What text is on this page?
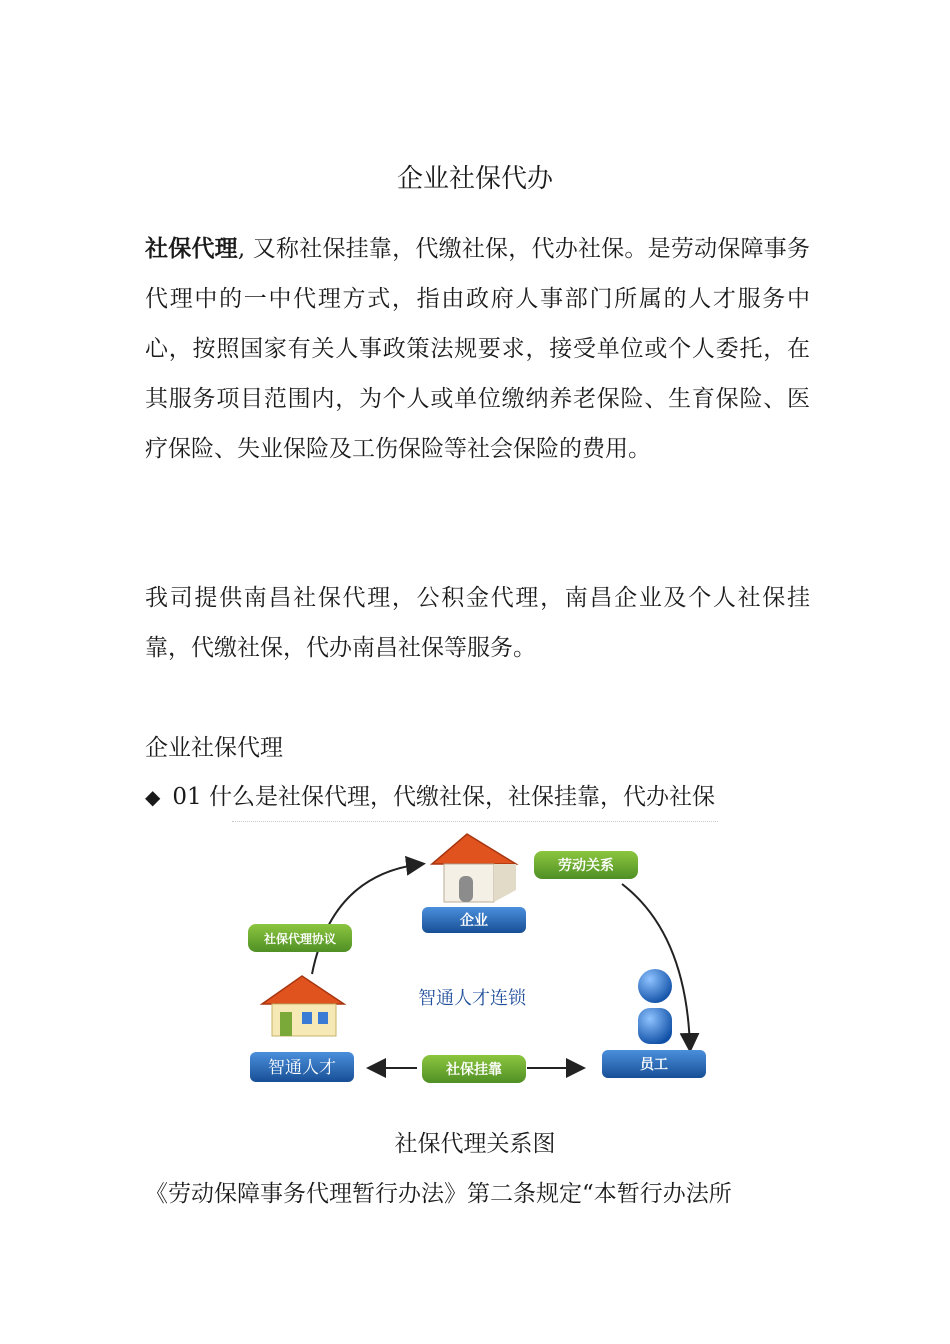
企业社保代办

社保代理, 又称社保挂靠，代缴社保，代办社保。是劳动保障事务代理中的一中代理方式，指由政府人事部门所属的人才服务中心，按照国家有关人事政策法规要求，接受单位或个人委托，在其服务项目范围内，为个人或单位缴纳养老保险、生育保险、医疗保险、失业保险及工伤保险等社会保险的费用。

我司提供南昌社保代理，公积金代理，南昌企业及个人社保挂靠，代缴社保，代办南昌社保等服务。

企业社保代理
◆ 01 什么是社保代理，代缴社保，社保挂靠，代办社保
企业
劳动关系
社保代理协议
智通人才连锁
智通人才	社保挂靠	员工
社保代理关系图
《劳动保障事务代理暂行办法》第二条规定“本暂行办法所
